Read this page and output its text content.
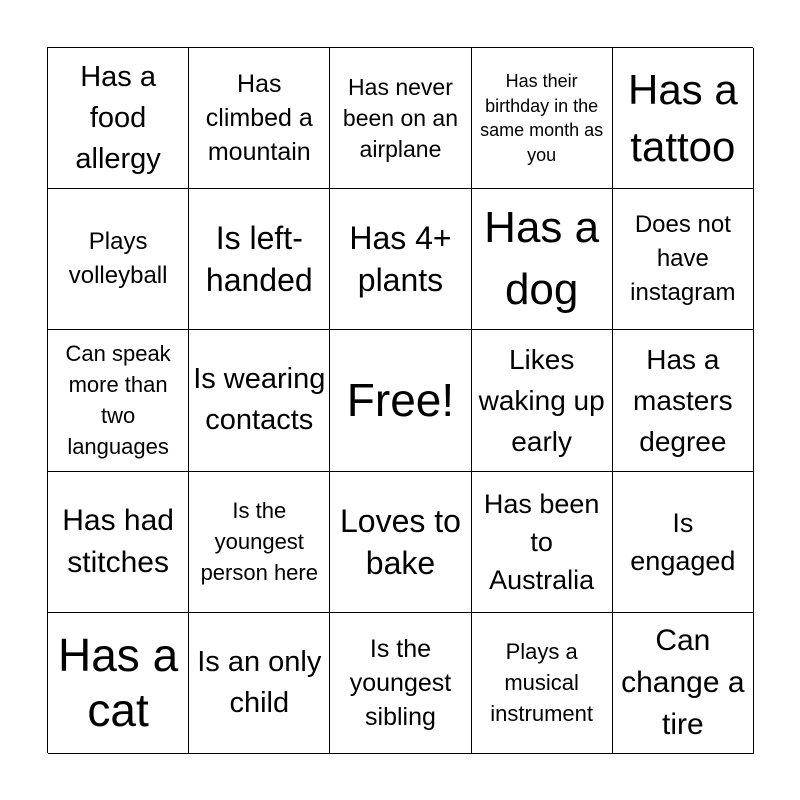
Has a food allergy
Has climbed a mountain
Has never been on an airplane
Has their birthday in the same month as you
Has a tattoo
Plays volleyball
Is left-handed
Has 4+ plants
Has a dog
Does not have instagram
Can speak more than two languages
Is wearing contacts Free!
Likes waking up early
Has a masters degree
Has had stitches
Is the youngest person here
Loves to bake
Has been to Australia
Is engaged
Has a cat
Is an only child
Is the youngest sibling
Plays a musical instrument
Can change a tire
